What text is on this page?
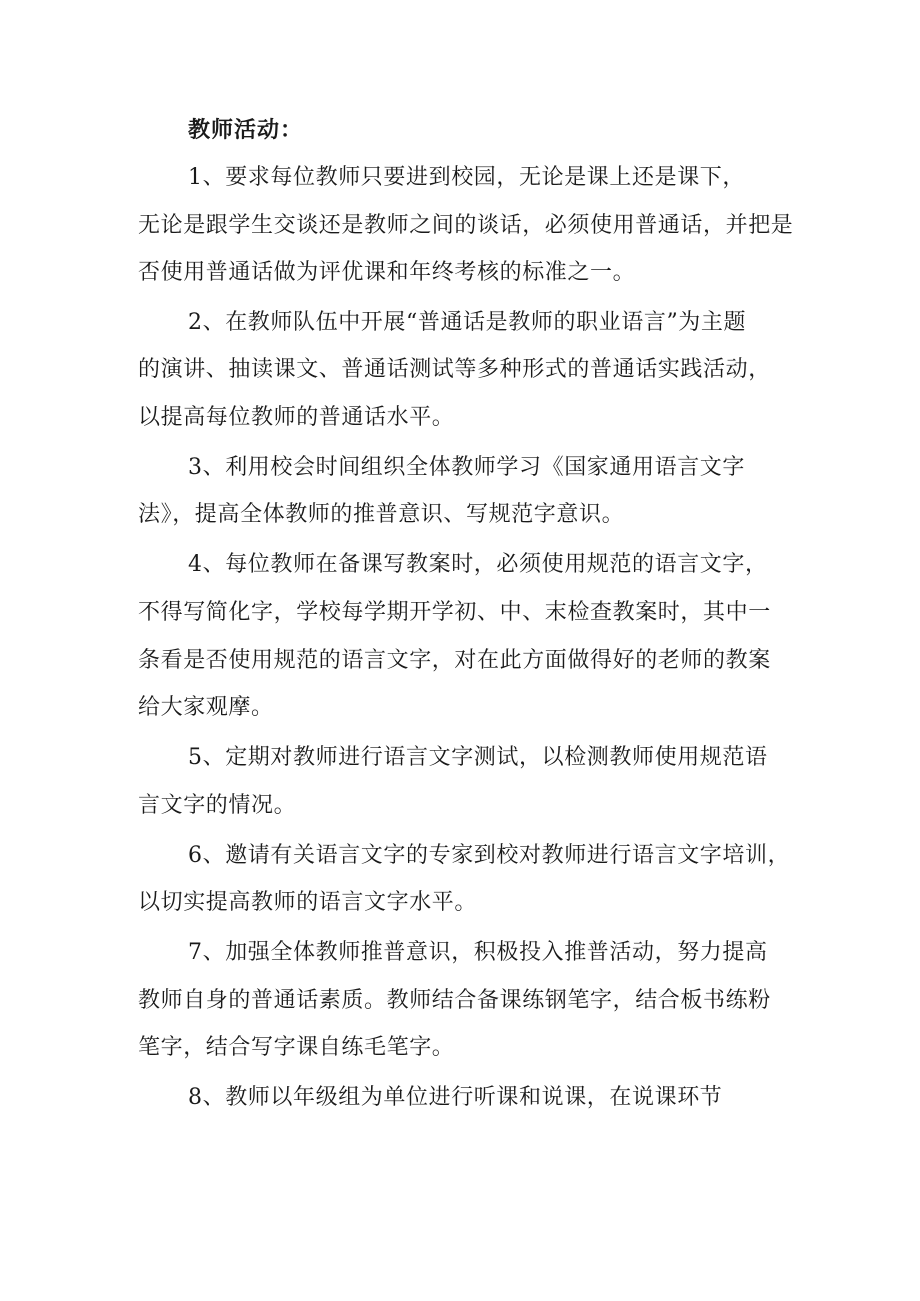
教师活动：
1、要求每位教师只要进到校园，无论是课上还是课下，
无论是跟学生交谈还是教师之间的谈话，必须使用普通话，并把是
否使用普通话做为评优课和年终考核的标准之一。
2、在教师队伍中开展“普通话是教师的职业语言”为主题
的演讲、抽读课文、普通话测试等多种形式的普通话实践活动，
以提高每位教师的普通话水平。
3、利用校会时间组织全体教师学习《国家通用语言文字
法》，提高全体教师的推普意识、写规范字意识。
4、每位教师在备课写教案时，必须使用规范的语言文字，
不得写简化字，学校每学期开学初、中、末检查教案时，其中一
条看是否使用规范的语言文字，对在此方面做得好的老师的教案
给大家观摩。
5、定期对教师进行语言文字测试，以检测教师使用规范语
言文字的情况。
6、邀请有关语言文字的专家到校对教师进行语言文字培训，
以切实提高教师的语言文字水平。
7、加强全体教师推普意识，积极投入推普活动，努力提高
教师自身的普通话素质。教师结合备课练钢笔字，结合板书练粉
笔字，结合写字课自练毛笔字。
8、教师以年级组为单位进行听课和说课，在说课环节
